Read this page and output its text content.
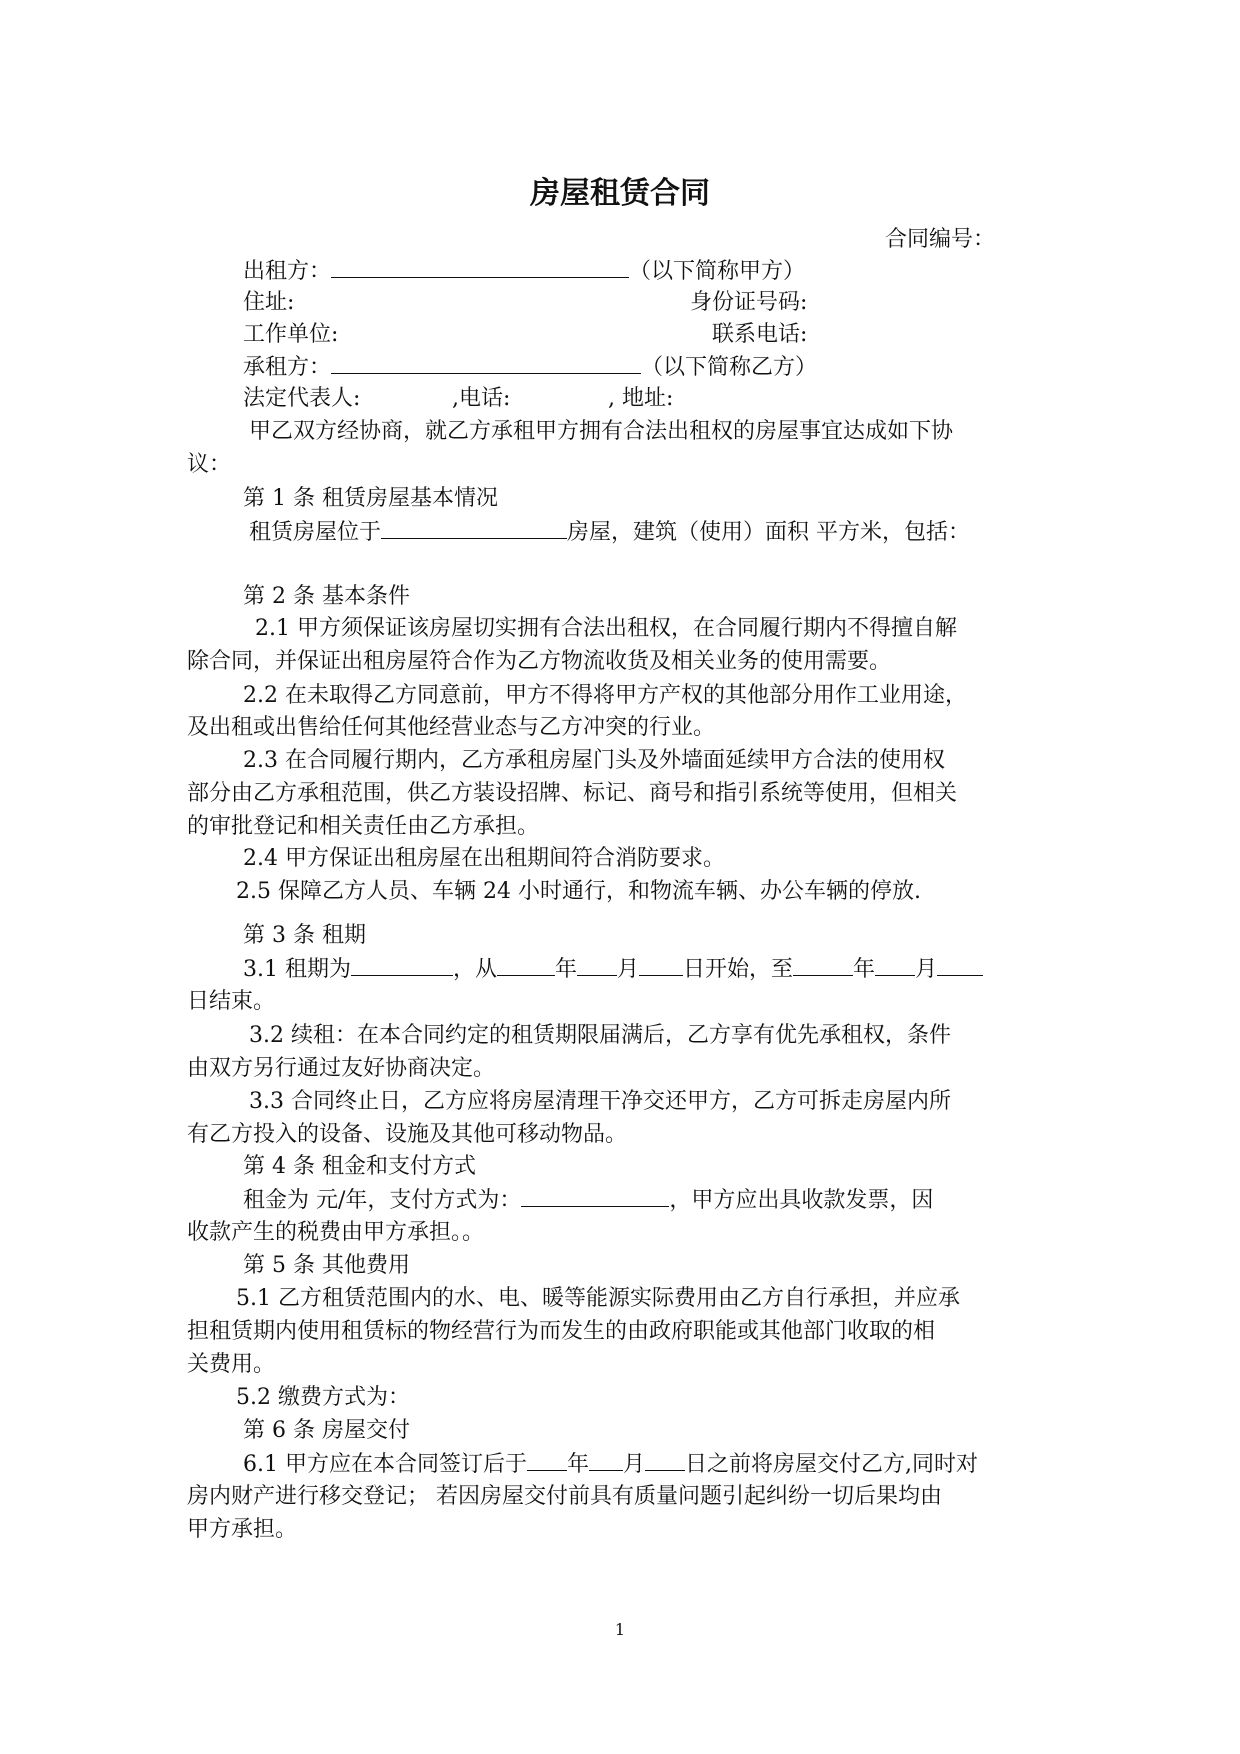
房屋租赁合同
合同编号：
出租方：	（以下简称甲方）
住址:	身份证号码:
工作单位:	联系电话:
承租方：	（以下简称乙方）
法定代表人:	,电话:	, 地址:
甲乙双方经协商，就乙方承租甲方拥有合法出租权的房屋事宜达成如下协
议：
第 1 条 租赁房屋基本情况
租赁房屋位于	房屋，建筑（使用）面积 平方米，包括：
第 2 条 基本条件
2.1 甲方须保证该房屋切实拥有合法出租权，在合同履行期内不得擅自解
除合同，并保证出租房屋符合作为乙方物流收货及相关业务的使用需要。
2.2 在未取得乙方同意前，甲方不得将甲方产权的其他部分用作工业用途，
及出租或出售给任何其他经营业态与乙方冲突的行业。
2.3 在合同履行期内，乙方承租房屋门头及外墙面延续甲方合法的使用权
部分由乙方承租范围，供乙方装设招牌、标记、商号和指引系统等使用，但相关
的审批登记和相关责任由乙方承担。
2.4 甲方保证出租房屋在出租期间符合消防要求。
2.5 保障乙方人员、车辆 24 小时通行，和物流车辆、办公车辆的停放.
第 3 条 租期
3.1 租期为	，从	年 月 日开始，至	年 月
日结束。
3.2 续租：在本合同约定的租赁期限届满后，乙方享有优先承租权，条件
由双方另行通过友好协商决定。
3.3 合同终止日，乙方应将房屋清理干净交还甲方，乙方可拆走房屋内所
有乙方投入的设备、设施及其他可移动物品。
第 4 条 租金和支付方式
租金为 元/年，支付方式为：	，甲方应出具收款发票，因
收款产生的税费由甲方承担。。
第 5 条 其他费用
5.1 乙方租赁范围内的水、电、暖等能源实际费用由乙方自行承担，并应承
担租赁期内使用租赁标的物经营行为而发生的由政府职能或其他部门收取的相
关费用。
5.2 缴费方式为：
第 6 条 房屋交付
6.1 甲方应在本合同签订后于 年 月 日之前将房屋交付乙方,同时对
房内财产进行移交登记； 若因房屋交付前具有质量问题引起纠纷一切后果均由
甲方承担。
1
